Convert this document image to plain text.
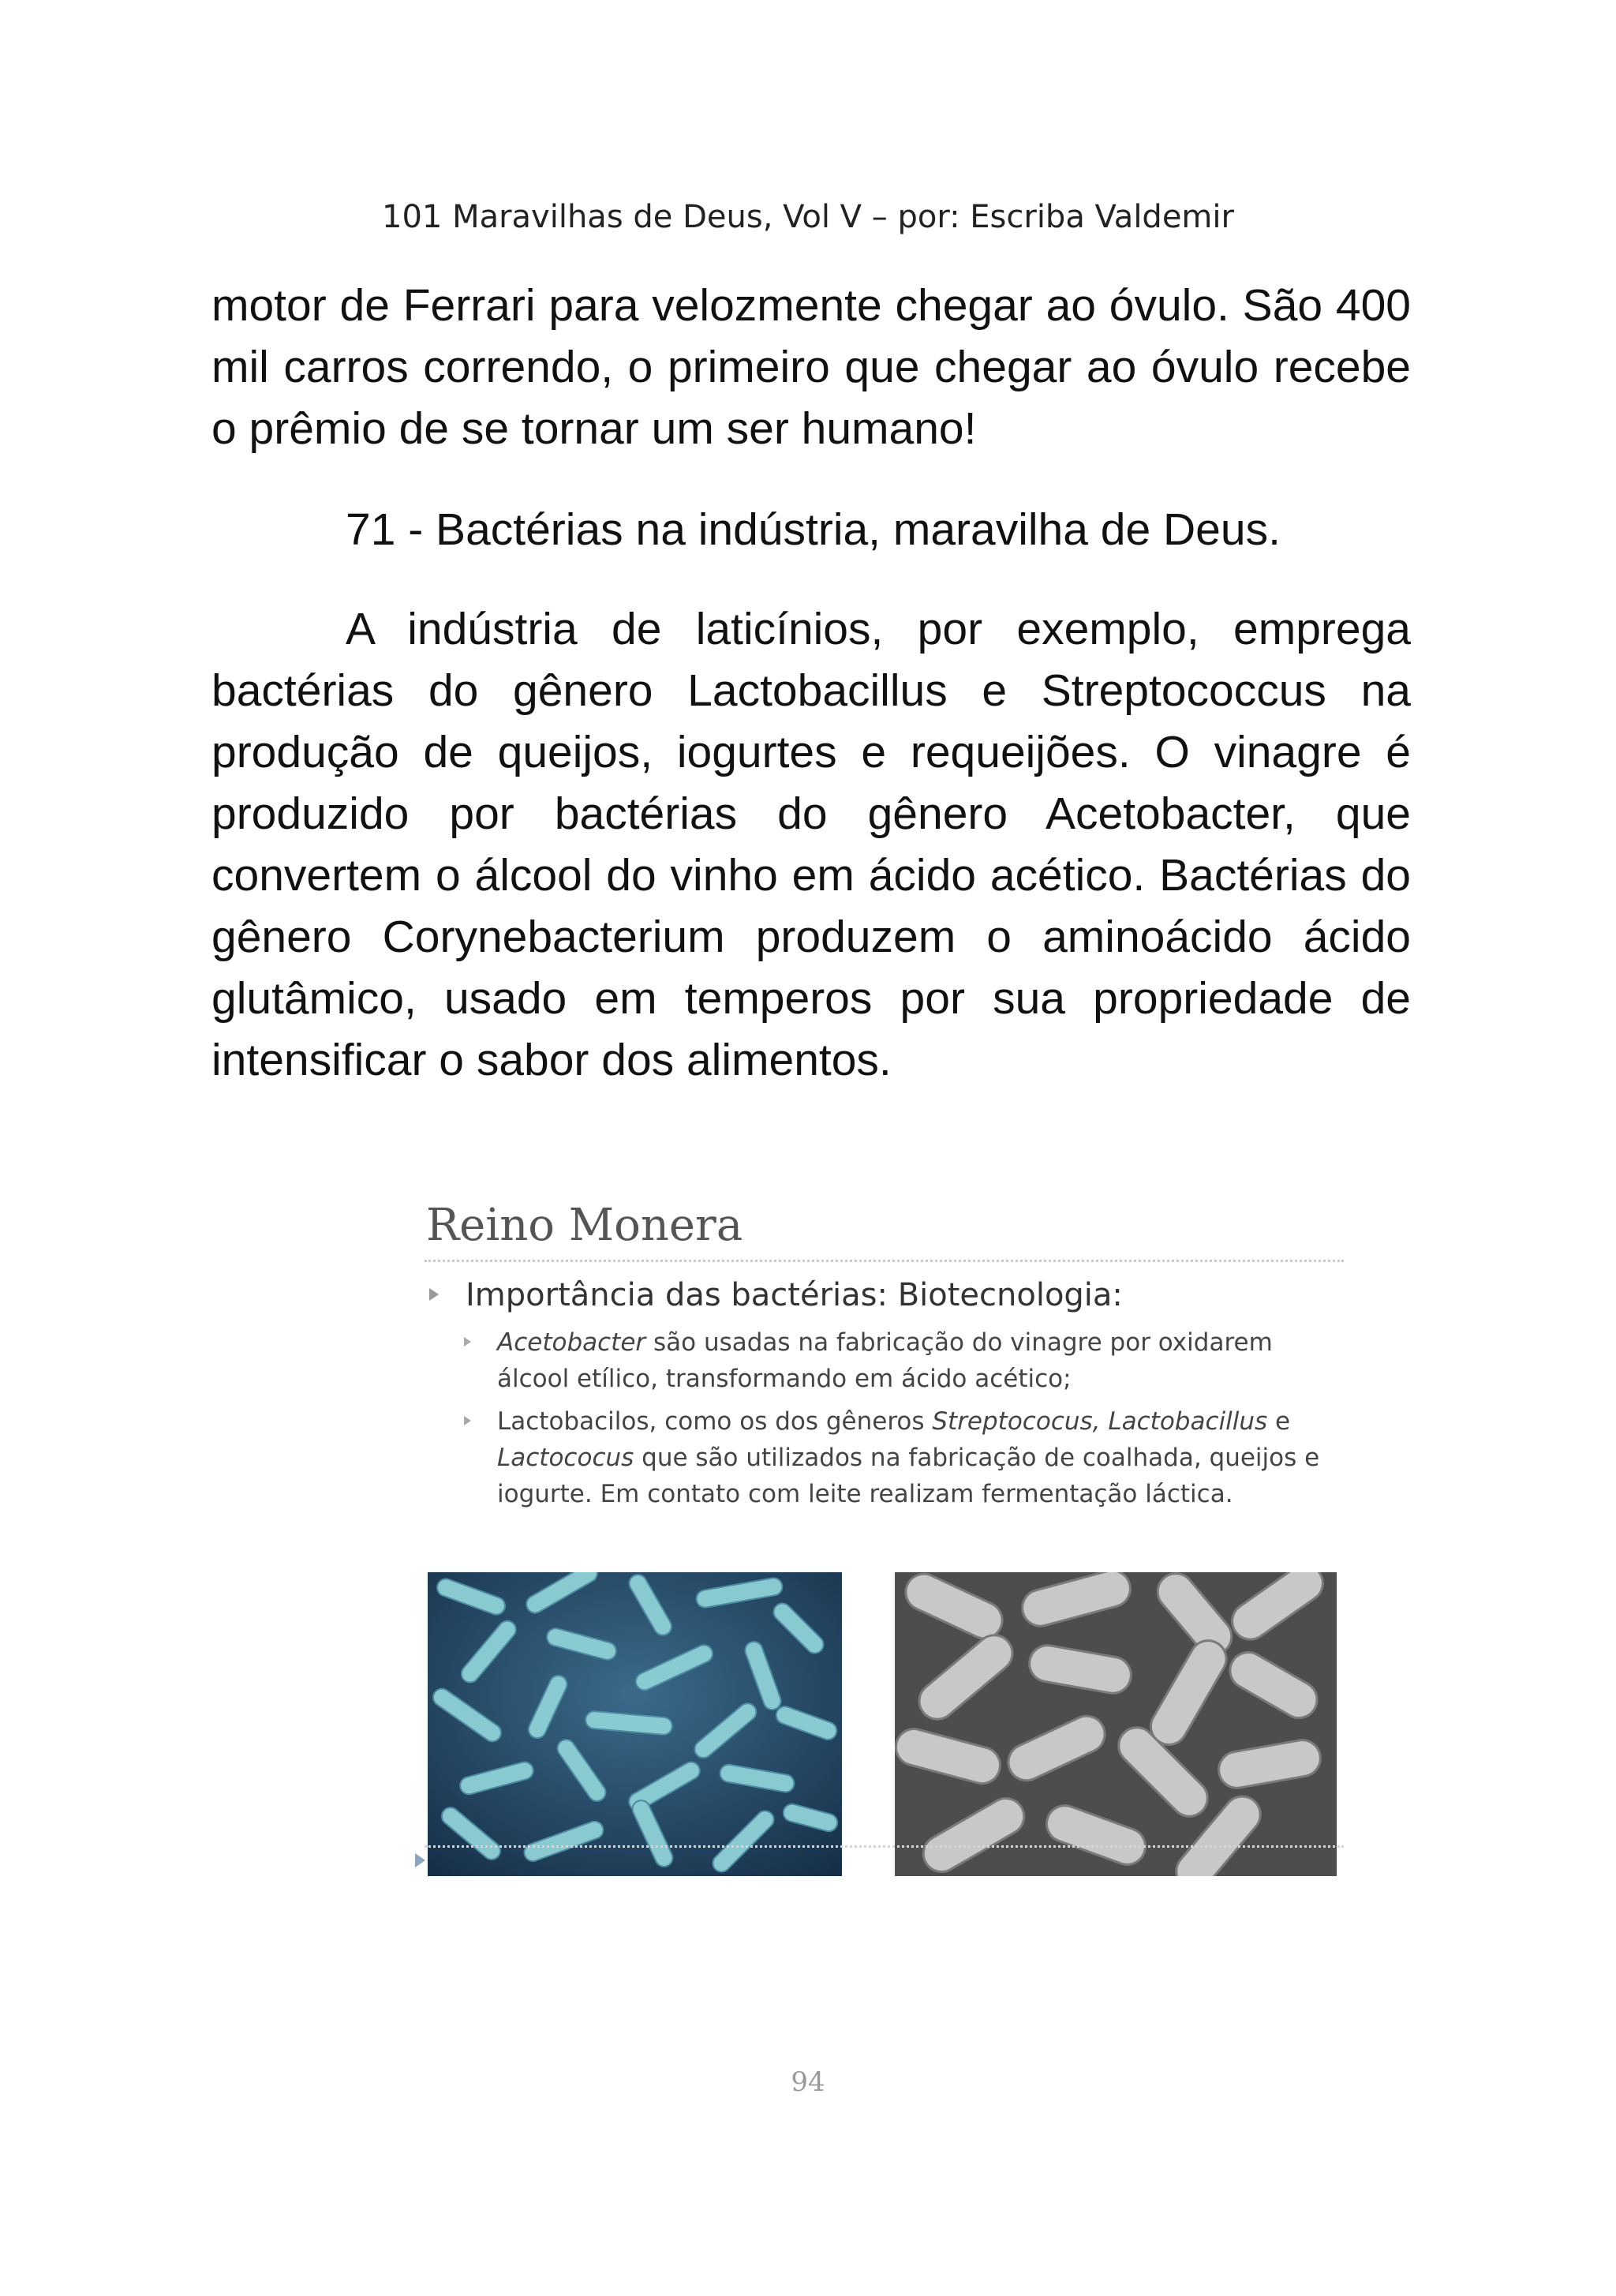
101 Maravilhas de Deus, Vol V – por: Escriba Valdemir

motor de Ferrari para velozmente chegar ao óvulo. São 400 mil carros correndo, o primeiro que chegar ao óvulo recebe o prêmio de se tornar um ser humano!

71 - Bactérias na indústria, maravilha de Deus.

A indústria de laticínios, por exemplo, emprega bactérias do gênero Lactobacillus e Streptococcus na produção de queijos, iogurtes e requeijões. O vinagre é produzido por bactérias do gênero Acetobacter, que convertem o álcool do vinho em ácido acético. Bactérias do gênero Corynebacterium produzem o aminoácido ácido glutâmico, usado em temperos por sua propriedade de intensificar o sabor dos alimentos.

Reino Monera
Importância das bactérias: Biotecnologia:
Acetobacter são usadas na fabricação do vinagre por oxidarem álcool etílico, transformando em ácido acético;
Lactobacilos, como os dos gêneros Streptococus, Lactobacillus e Lactococus que são utilizados na fabricação de coalhada, queijos e iogurte. Em contato com leite realizam fermentação láctica.
94
